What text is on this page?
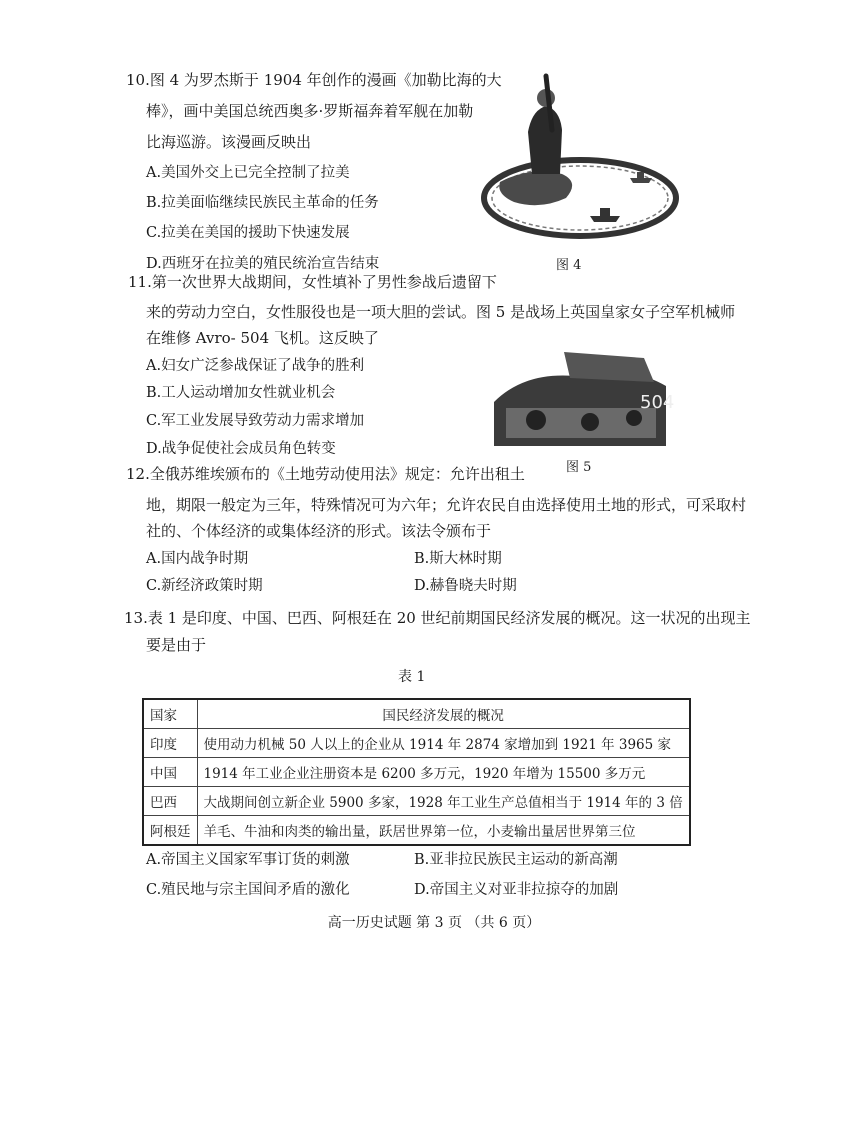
10.图 4 为罗杰斯于 1904 年创作的漫画《加勒比海的大
棒》，画中美国总统西奥多·罗斯福奔着军舰在加勒
比海巡游。该漫画反映出
A.美国外交上已完全控制了拉美
B.拉美面临继续民族民主革命的任务
C.拉美在美国的援助下快速发展
D.西班牙在拉美的殖民统治宣告结束	图 4
11.第一次世界大战期间，女性填补了男性参战后遗留下
来的劳动力空白，女性服役也是一项大胆的尝试。图 5 是战场上英国皇家女子空军机械师
在维修 Avro- 504 飞机。这反映了
A.妇女广泛参战保证了战争的胜利
B.工人运动增加女性就业机会
C.军工业发展导致劳动力需求增加
D.战争促使社会成员角色转变
504
图 5
12.全俄苏维埃颁布的《土地劳动使用法》规定：允许出租土
地，期限一般定为三年，特殊情况可为六年；允许农民自由选择使用土地的形式，可采取村
社的、个体经济的或集体经济的形式。该法令颁布于
A.国内战争时期	B.斯大林时期
C.新经济政策时期	D.赫鲁晓夫时期
13.表 1 是印度、中国、巴西、阿根廷在 20 世纪前期国民经济发展的概况。这一状况的出现主
要是由于
表 1
国家	国民经济发展的概况
印度	使用动力机械 50 人以上的企业从 1914 年 2874 家增加到 1921 年 3965 家
中国	1914 年工业企业注册资本是 6200 多万元，1920 年增为 15500 多万元
巴西	大战期间创立新企业 5900 多家，1928 年工业生产总值相当于 1914 年的 3 倍
阿根廷	羊毛、牛油和肉类的输出量，跃居世界第一位，小麦输出量居世界第三位
A.帝国主义国家军事订货的刺激	B.亚非拉民族民主运动的新高潮
C.殖民地与宗主国间矛盾的激化	D.帝国主义对亚非拉掠夺的加剧
高一历史试题 第 3 页 （共 6 页）
